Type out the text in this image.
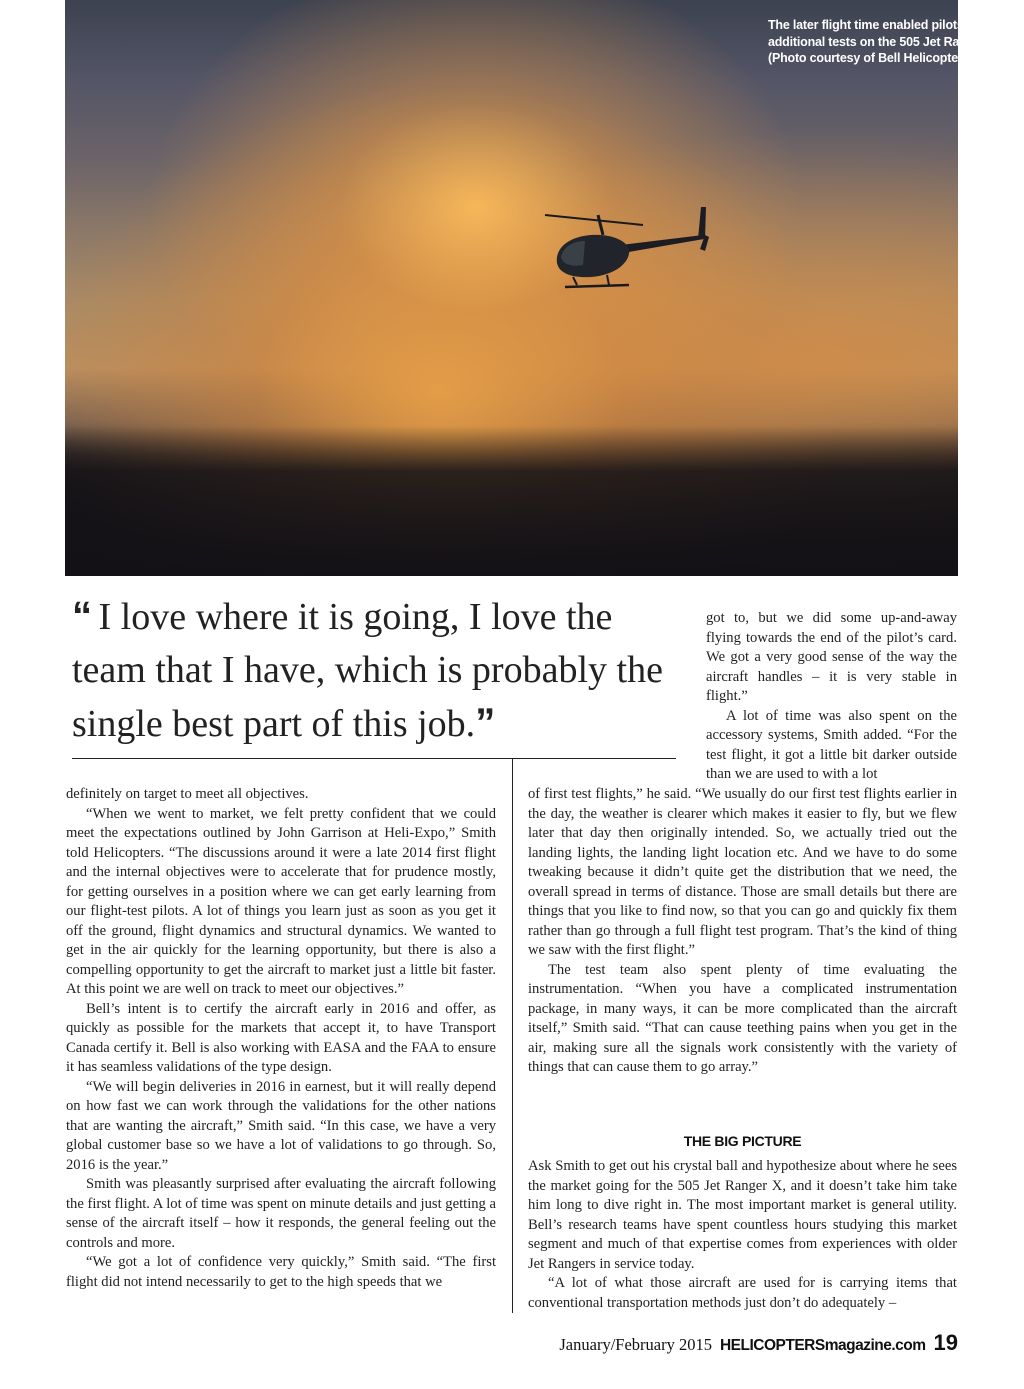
The later flight time enabled pilots to make additional tests on the 505 Jet Ranger X. (Photo courtesy of Bell Helicopter)
“ I love where it is going, I love the team that I have, which is probably the single best part of this job.”

got to, but we did some up-and-away flying towards the end of the pilot’s card. We got a very good sense of the way the aircraft handles – it is very stable in flight.”

A lot of time was also spent on the accessory systems, Smith added. “For the test flight, it got a little bit darker outside than we are used to with a lot

definitely on target to meet all objectives.

“When we went to market, we felt pretty confident that we could meet the expectations outlined by John Garrison at Heli-Expo,” Smith told Helicopters. “The discussions around it were a late 2014 first flight and the internal objectives were to accelerate that for prudence mostly, for getting ourselves in a position where we can get early learning from our flight-test pilots. A lot of things you learn just as soon as you get it off the ground, flight dynamics and structural dynamics. We wanted to get in the air quickly for the learning opportunity, but there is also a compelling opportunity to get the aircraft to market just a little bit faster. At this point we are well on track to meet our objectives.”

Bell’s intent is to certify the aircraft early in 2016 and offer, as quickly as possible for the markets that accept it, to have Transport Canada certify it. Bell is also working with EASA and the FAA to ensure it has seamless validations of the type design.

“We will begin deliveries in 2016 in earnest, but it will really depend on how fast we can work through the validations for the other nations that are wanting the aircraft,” Smith said. “In this case, we have a very global customer base so we have a lot of validations to go through. So, 2016 is the year.”

Smith was pleasantly surprised after evaluating the aircraft following the first flight. A lot of time was spent on minute details and just getting a sense of the aircraft itself – how it responds, the general feeling out the controls and more.

“We got a lot of confidence very quickly,” Smith said. “The first flight did not intend necessarily to get to the high speeds that we

of first test flights,” he said. “We usually do our first test flights earlier in the day, the weather is clearer which makes it easier to fly, but we flew later that day then originally intended. So, we actually tried out the landing lights, the landing light location etc. And we have to do some tweaking because it didn’t quite get the distribution that we need, the overall spread in terms of distance. Those are small details but there are things that you like to find now, so that you can go and quickly fix them rather than go through a full flight test program. That’s the kind of thing we saw with the first flight.”

The test team also spent plenty of time evaluating the instrumentation. “When you have a complicated instrumentation package, in many ways, it can be more complicated than the aircraft itself,” Smith said. “That can cause teething pains when you get in the air, making sure all the signals work consistently with the variety of things that can cause them to go array.”

THE BIG PICTURE

Ask Smith to get out his crystal ball and hypothesize about where he sees the market going for the 505 Jet Ranger X, and it doesn’t take him take him long to dive right in. The most important market is general utility. Bell’s research teams have spent countless hours studying this market segment and much of that expertise comes from experiences with older Jet Rangers in service today.

“A lot of what those aircraft are used for is carrying items that conventional transportation methods just don’t do adequately –

January/February 2015 HELICOPTERSmagazine.com 19
